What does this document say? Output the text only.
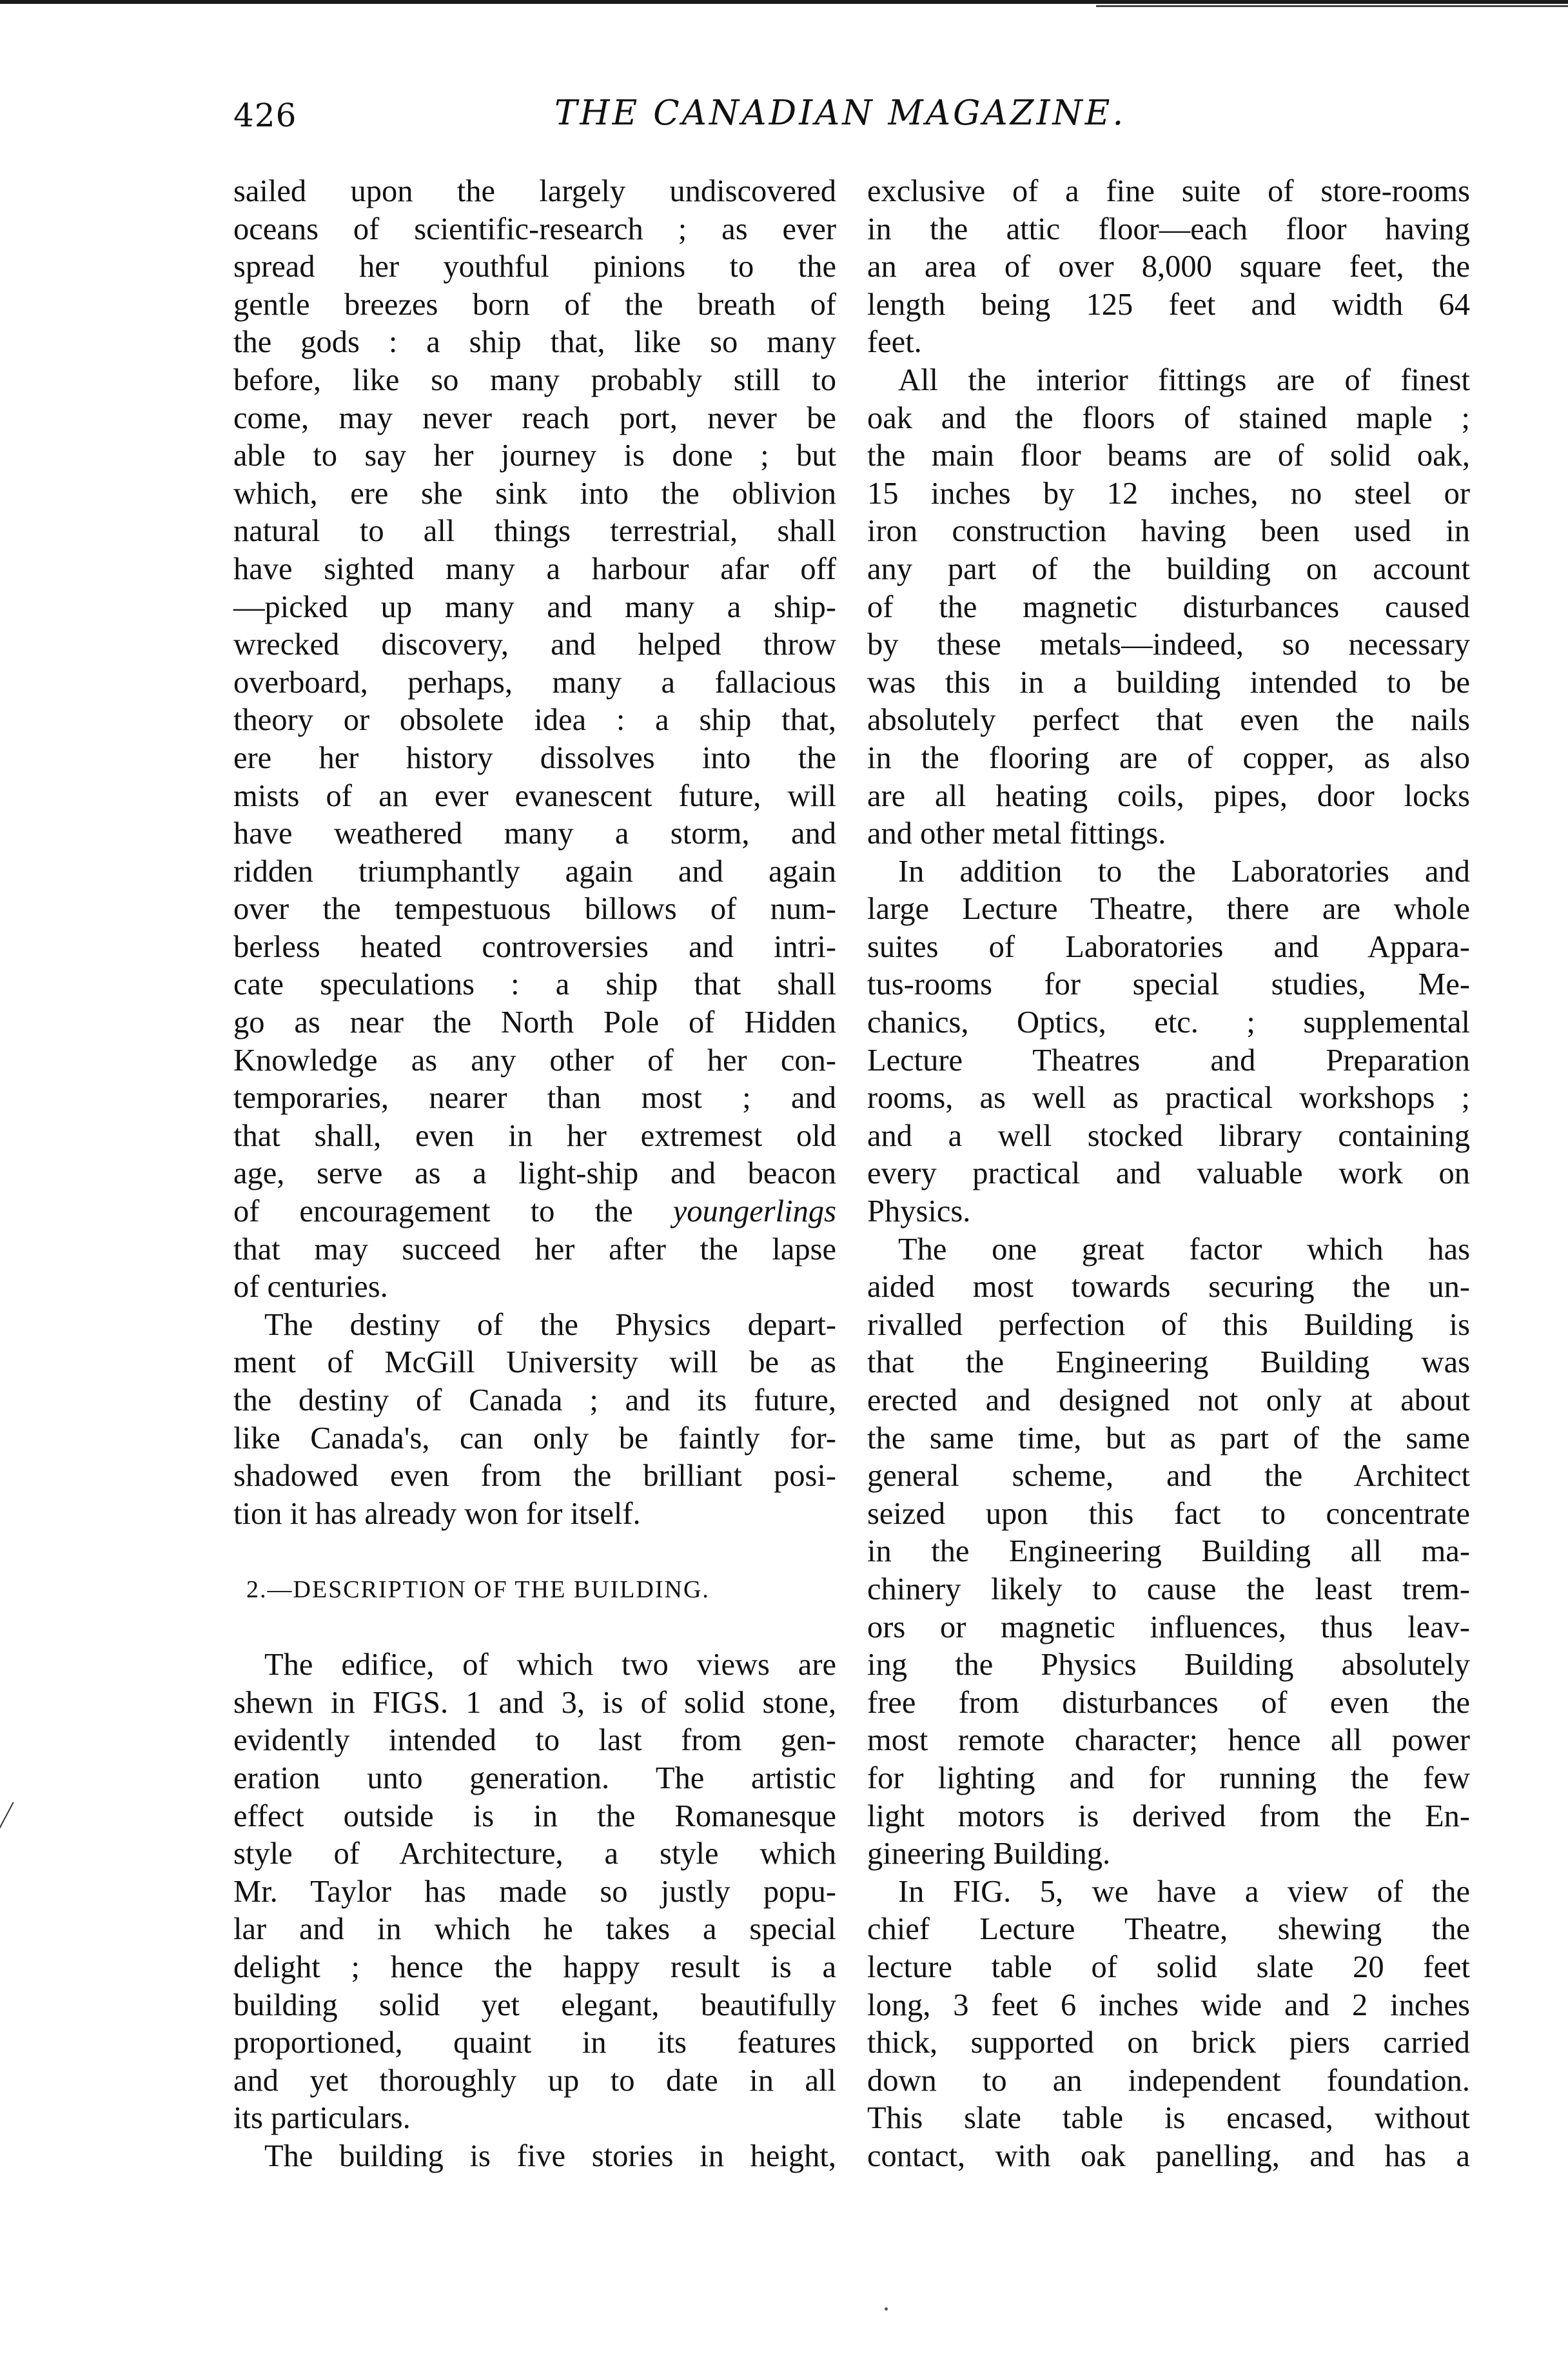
426	THE CANADIAN MAGAZINE.
sailed upon the largely undiscovered
oceans of scientific-research ; as ever
spread her youthful pinions to the
gentle breezes born of the breath of
the gods : a ship that, like so many
before, like so many probably still to
come, may never reach port, never be
able to say her journey is done ; but
which, ere she sink into the oblivion
natural to all things terrestrial, shall
have sighted many a harbour afar off
—picked up many and many a ship-
wrecked discovery, and helped throw
overboard, perhaps, many a fallacious
theory or obsolete idea : a ship that,
ere her history dissolves into the
mists of an ever evanescent future, will
have weathered many a storm, and
ridden triumphantly again and again
over the tempestuous billows of num-
berless heated controversies and intri-
cate speculations : a ship that shall
go as near the North Pole of Hidden
Knowledge as any other of her con-
temporaries, nearer than most ; and
that shall, even in her extremest old
age, serve as a light-ship and beacon
of encouragement to the youngerlings
that may succeed her after the lapse
of centuries.
The destiny of the Physics depart-
ment of McGill University will be as
the destiny of Canada ; and its future,
like Canada's, can only be faintly for-
shadowed even from the brilliant posi-
tion it has already won for itself.
2.—DESCRIPTION OF THE BUILDING.
The edifice, of which two views are
shewn in FIGS. 1 and 3, is of solid stone,
evidently intended to last from gen-
eration unto generation. The artistic
effect outside is in the Romanesque
style of Architecture, a style which
Mr. Taylor has made so justly popu-
lar and in which he takes a special
delight ; hence the happy result is a
building solid yet elegant, beautifully
proportioned, quaint in its features
and yet thoroughly up to date in all
its particulars.
The building is five stories in height,
exclusive of a fine suite of store-rooms
in the attic floor—each floor having
an area of over 8,000 square feet, the
length being 125 feet and width 64
feet.
All the interior fittings are of finest
oak and the floors of stained maple ;
the main floor beams are of solid oak,
15 inches by 12 inches, no steel or
iron construction having been used in
any part of the building on account
of the magnetic disturbances caused
by these metals—indeed, so necessary
was this in a building intended to be
absolutely perfect that even the nails
in the flooring are of copper, as also
are all heating coils, pipes, door locks
and other metal fittings.
In addition to the Laboratories and
large Lecture Theatre, there are whole
suites of Laboratories and Appara-
tus-rooms for special studies, Me-
chanics, Optics, etc. ; supplemental
Lecture Theatres and Preparation
rooms, as well as practical workshops ;
and a well stocked library containing
every practical and valuable work on
Physics.
The one great factor which has
aided most towards securing the un-
rivalled perfection of this Building is
that the Engineering Building was
erected and designed not only at about
the same time, but as part of the same
general scheme, and the Architect
seized upon this fact to concentrate
in the Engineering Building all ma-
chinery likely to cause the least trem-
ors or magnetic influences, thus leav-
ing the Physics Building absolutely
free from disturbances of even the
most remote character; hence all power
for lighting and for running the few
light motors is derived from the En-
gineering Building.
In FIG. 5, we have a view of the
chief Lecture Theatre, shewing the
lecture table of solid slate 20 feet
long, 3 feet 6 inches wide and 2 inches
thick, supported on brick piers carried
down to an independent foundation.
This slate table is encased, without
contact, with oak panelling, and has a
